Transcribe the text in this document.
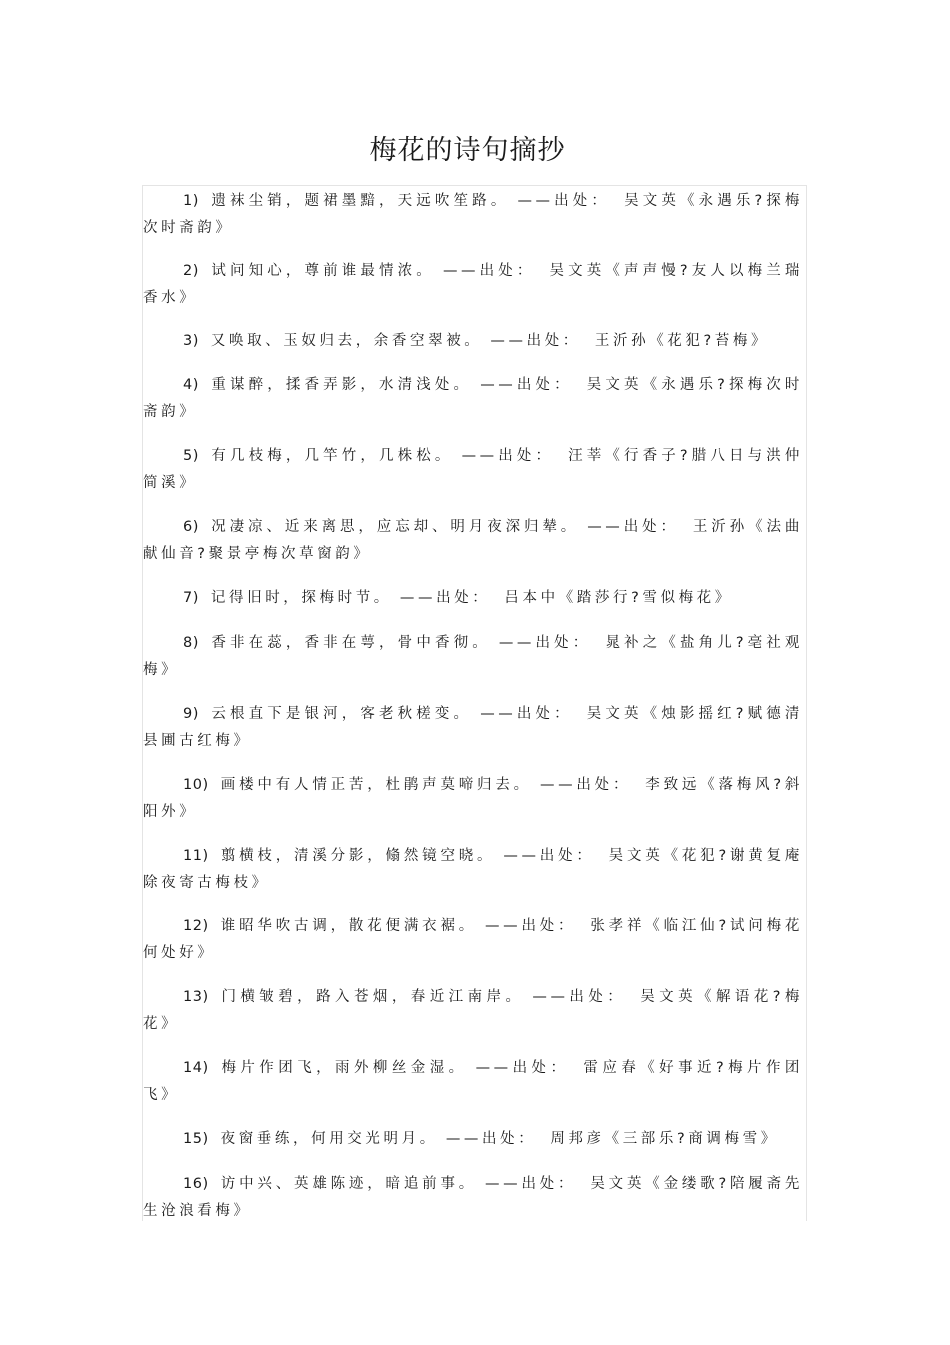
梅花的诗句摘抄

1) 遗袜尘销，题裙墨黯，天远吹笙路。 ——出处： 吴文英《永遇乐?探梅次时斋韵》

2) 试问知心，尊前谁最情浓。 ——出处： 吴文英《声声慢?友人以梅兰瑞香水》

3) 又唤取、玉奴归去，余香空翠被。 ——出处： 王沂孙《花犯?苔梅》

4) 重谋醉，揉香弄影，水清浅处。 ——出处： 吴文英《永遇乐?探梅次时斋韵》

5) 有几枝梅，几竿竹，几株松。 ——出处： 汪莘《行香子?腊八日与洪仲简溪》

6) 况凄凉、近来离思，应忘却、明月夜深归辇。 ——出处： 王沂孙《法曲献仙音?聚景亭梅次草窗韵》

7) 记得旧时，探梅时节。 ——出处： 吕本中《踏莎行?雪似梅花》

8) 香非在蕊，香非在萼，骨中香彻。 ——出处： 晁补之《盐角儿?亳社观梅》

9) 云根直下是银河，客老秋槎变。 ——出处： 吴文英《烛影摇红?赋德清县圃古红梅》

10) 画楼中有人情正苦，杜鹃声莫啼归去。 ——出处： 李致远《落梅风?斜阳外》

11) 翦横枝，清溪分影，翛然镜空晓。 ——出处： 吴文英《花犯?谢黄复庵除夜寄古梅枝》

12) 谁昭华吹古调，散花便满衣裾。 ——出处： 张孝祥《临江仙?试问梅花何处好》

13) 门横皱碧，路入苍烟，春近江南岸。 ——出处： 吴文英《解语花?梅花》

14) 梅片作团飞，雨外柳丝金湿。 ——出处： 雷应春《好事近?梅片作团飞》

15) 夜窗垂练，何用交光明月。 ——出处： 周邦彦《三部乐?商调梅雪》

16) 访中兴、英雄陈迹，暗追前事。 ——出处： 吴文英《金缕歌?陪履斋先生沧浪看梅》
